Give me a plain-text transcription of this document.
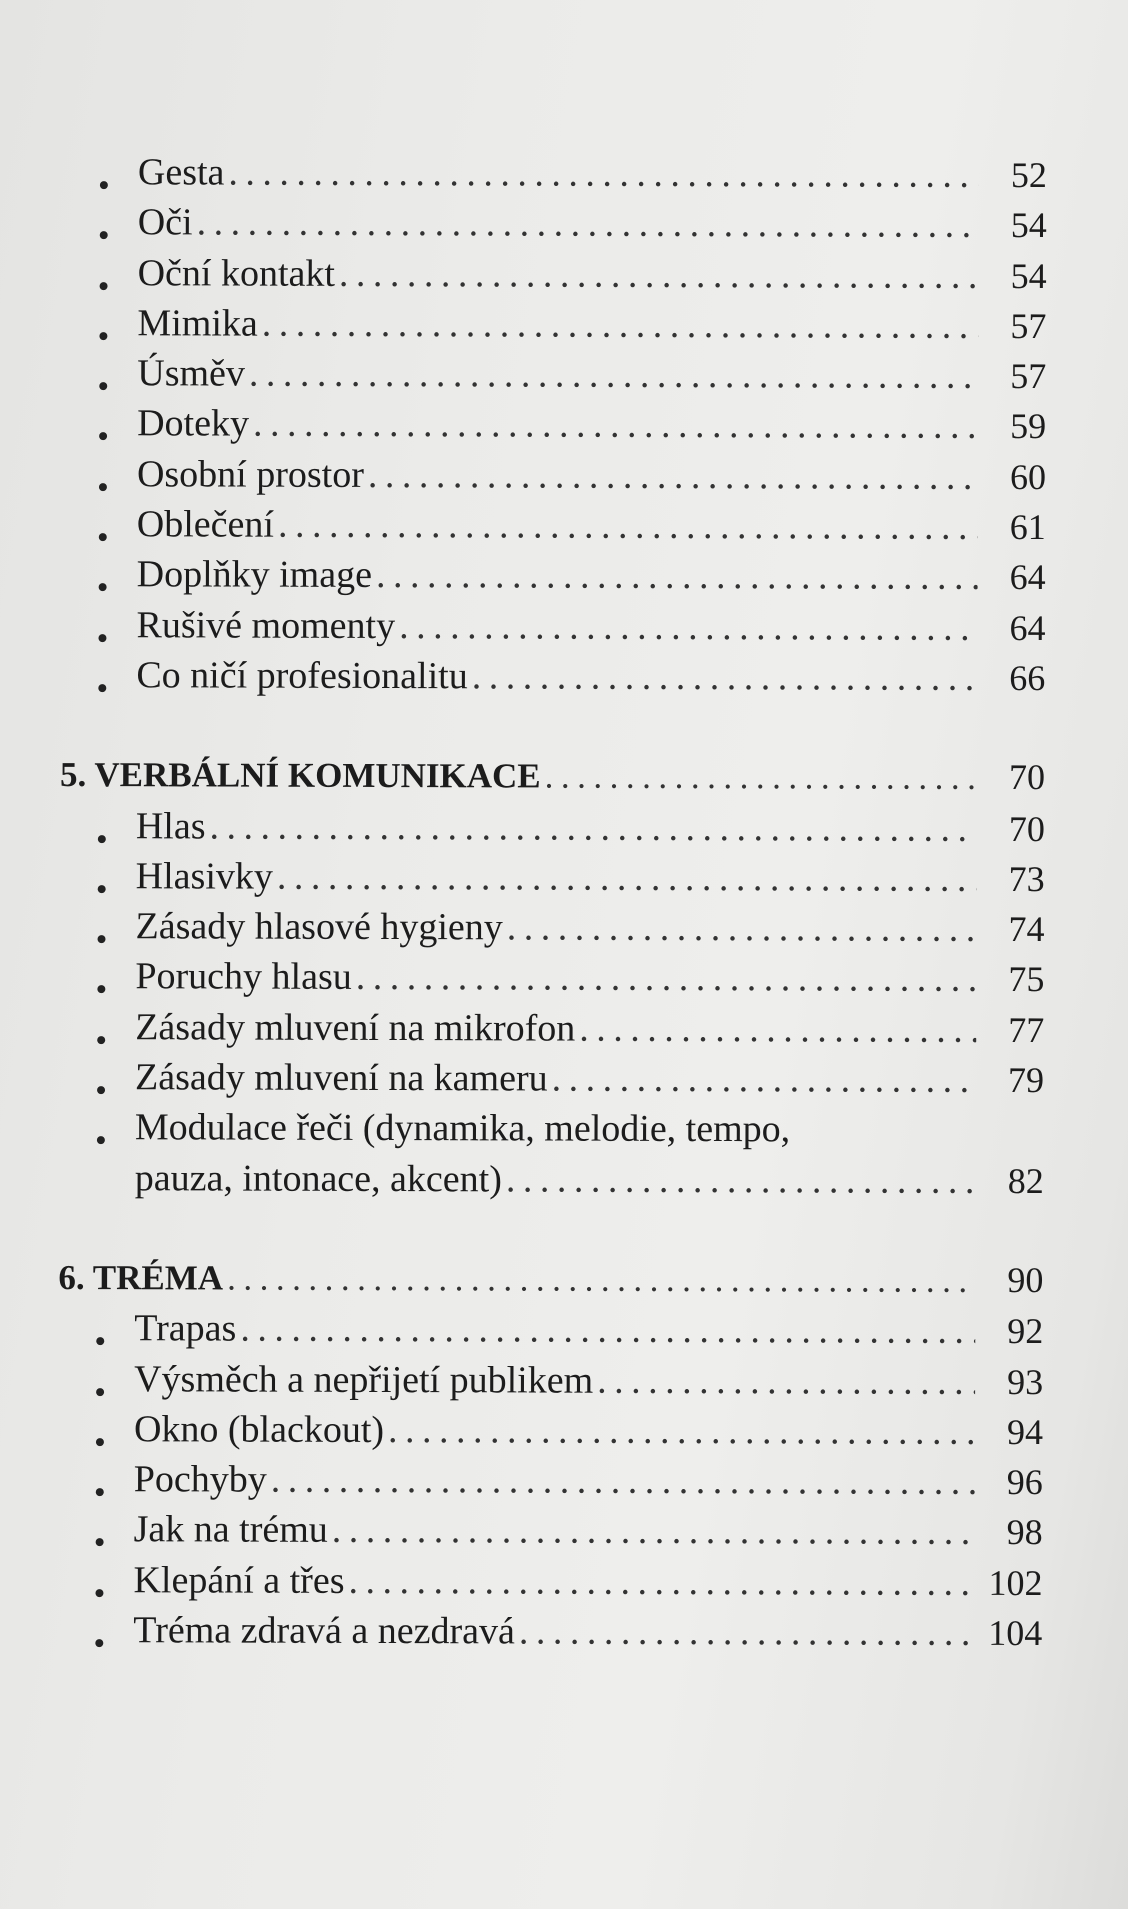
Gesta .....	52
Oči .....	54
Oční kontakt .....	54
Mimika .....	57
Úsměv .....	57
Doteky .....	59
Osobní prostor .....	60
Oblečení .....	61
Doplňky image .....	64
Rušivé momenty .....	64
Co ničí profesionalitu .....	66
5. VERBÁLNÍ KOMUNIKACE .....	70
Hlas .....	70
Hlasivky .....	73
Zásady hlasové hygieny .....	74
Poruchy hlasu .....	75
Zásady mluvení na mikrofon .....	77
Zásady mluvení na kameru .....	79
Modulace řeči (dynamika, melodie, tempo,
pauza, intonace, akcent) .....	82
6. TRÉMA .....	90
Trapas .....	92
Výsměch a nepřijetí publikem .....	93
Okno (blackout) .....	94
Pochyby .....	96
Jak na trému .....	98
Klepání a třes .....	102
Tréma zdravá a nezdravá .....	104
